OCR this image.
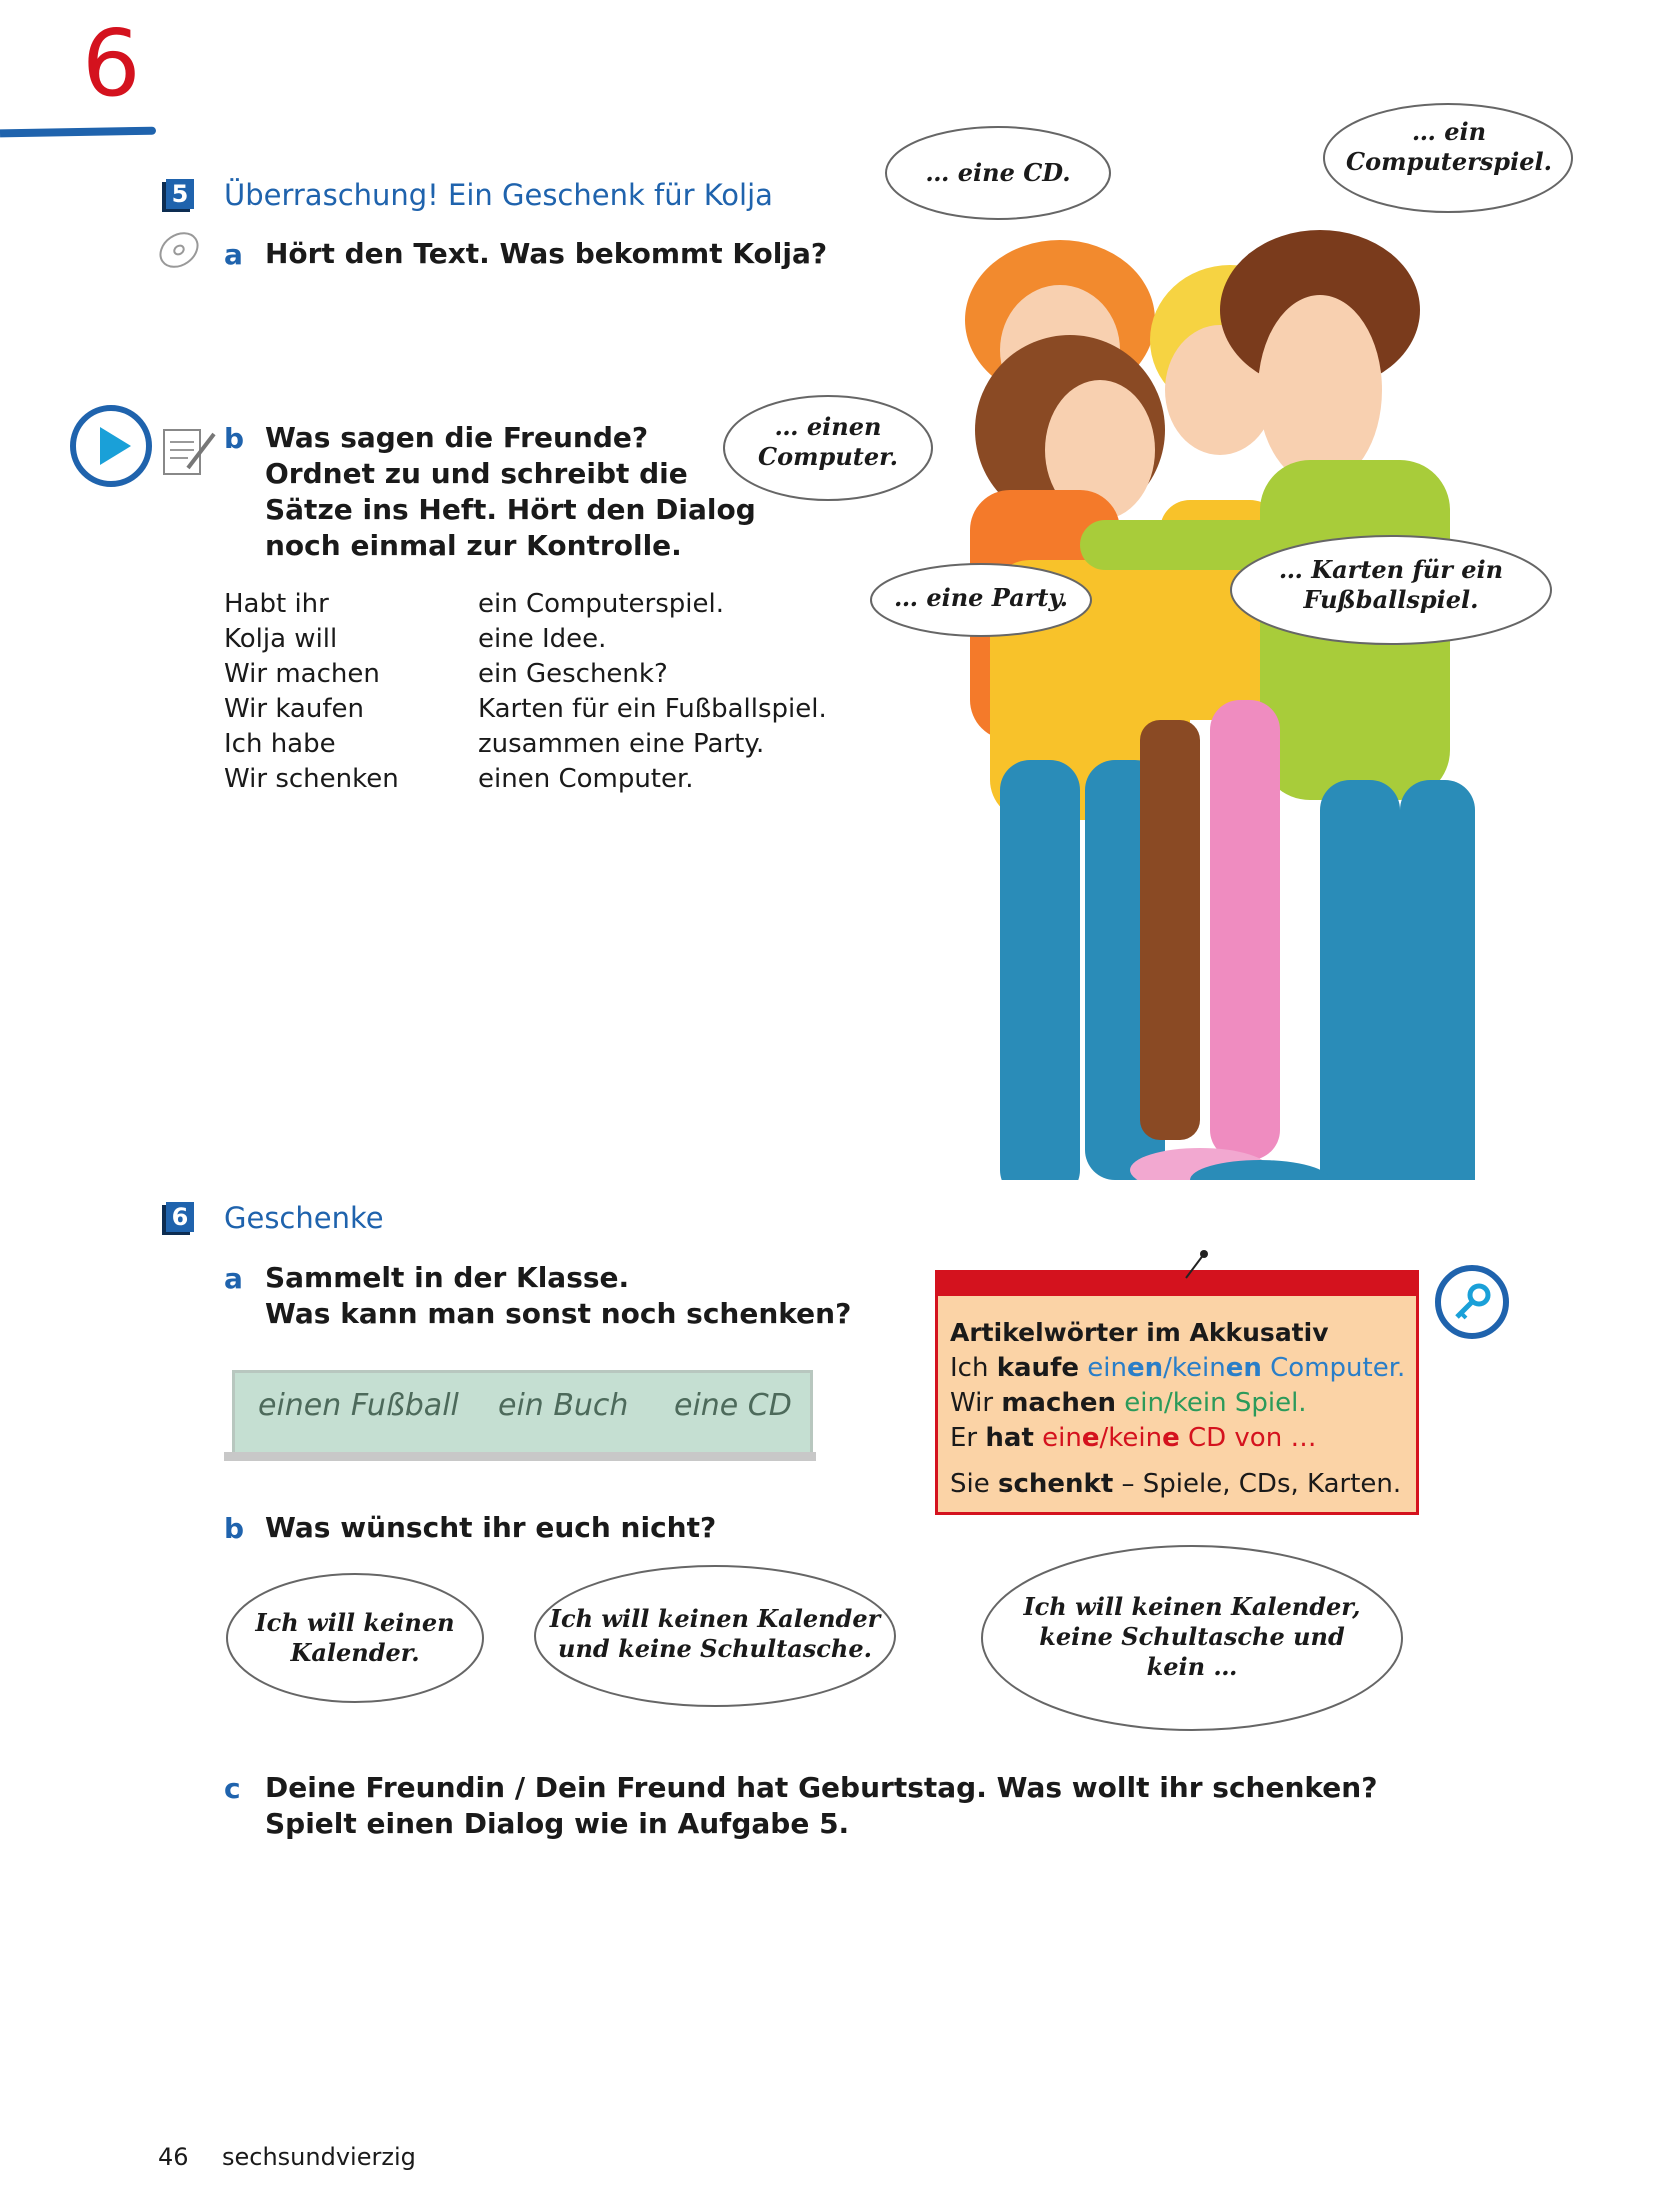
6
5 Überraschung! Ein Geschenk für Kolja
a Hört den Text. Was bekommt Kolja?
b Was sagen die Freunde?
Ordnet zu und schreibt die
Sätze ins Heft. Hört den Dialog
noch einmal zur Kontrolle.
Habt ihr
Kolja will
Wir machen
Wir kaufen
Ich habe
Wir schenken
ein Computerspiel.
eine Idee.
ein Geschenk?
Karten für ein Fußballspiel.
zusammen eine Party.
einen Computer.
… eine CD.
… ein
Computerspiel.
… einen
Computer.
… eine Party.
… Karten für ein
Fußballspiel.
6 Geschenke
a Sammelt in der Klasse.
Was kann man sonst noch schenken?
einen Fußball ein Buch eine CD
Artikelwörter im Akkusativ
Ich kaufe einen/keinen Computer.
Wir machen ein/kein Spiel.
Er hat eine/keine CD von …
Sie schenkt – Spiele, CDs, Karten.
b Was wünscht ihr euch nicht?
Ich will keinen
Kalender.
Ich will keinen Kalender
und keine Schultasche.
Ich will keinen Kalender,
keine Schultasche und
kein …
c Deine Freundin / Dein Freund hat Geburtstag. Was wollt ihr schenken?
Spielt einen Dialog wie in Aufgabe 5.
46 sechsundvierzig
